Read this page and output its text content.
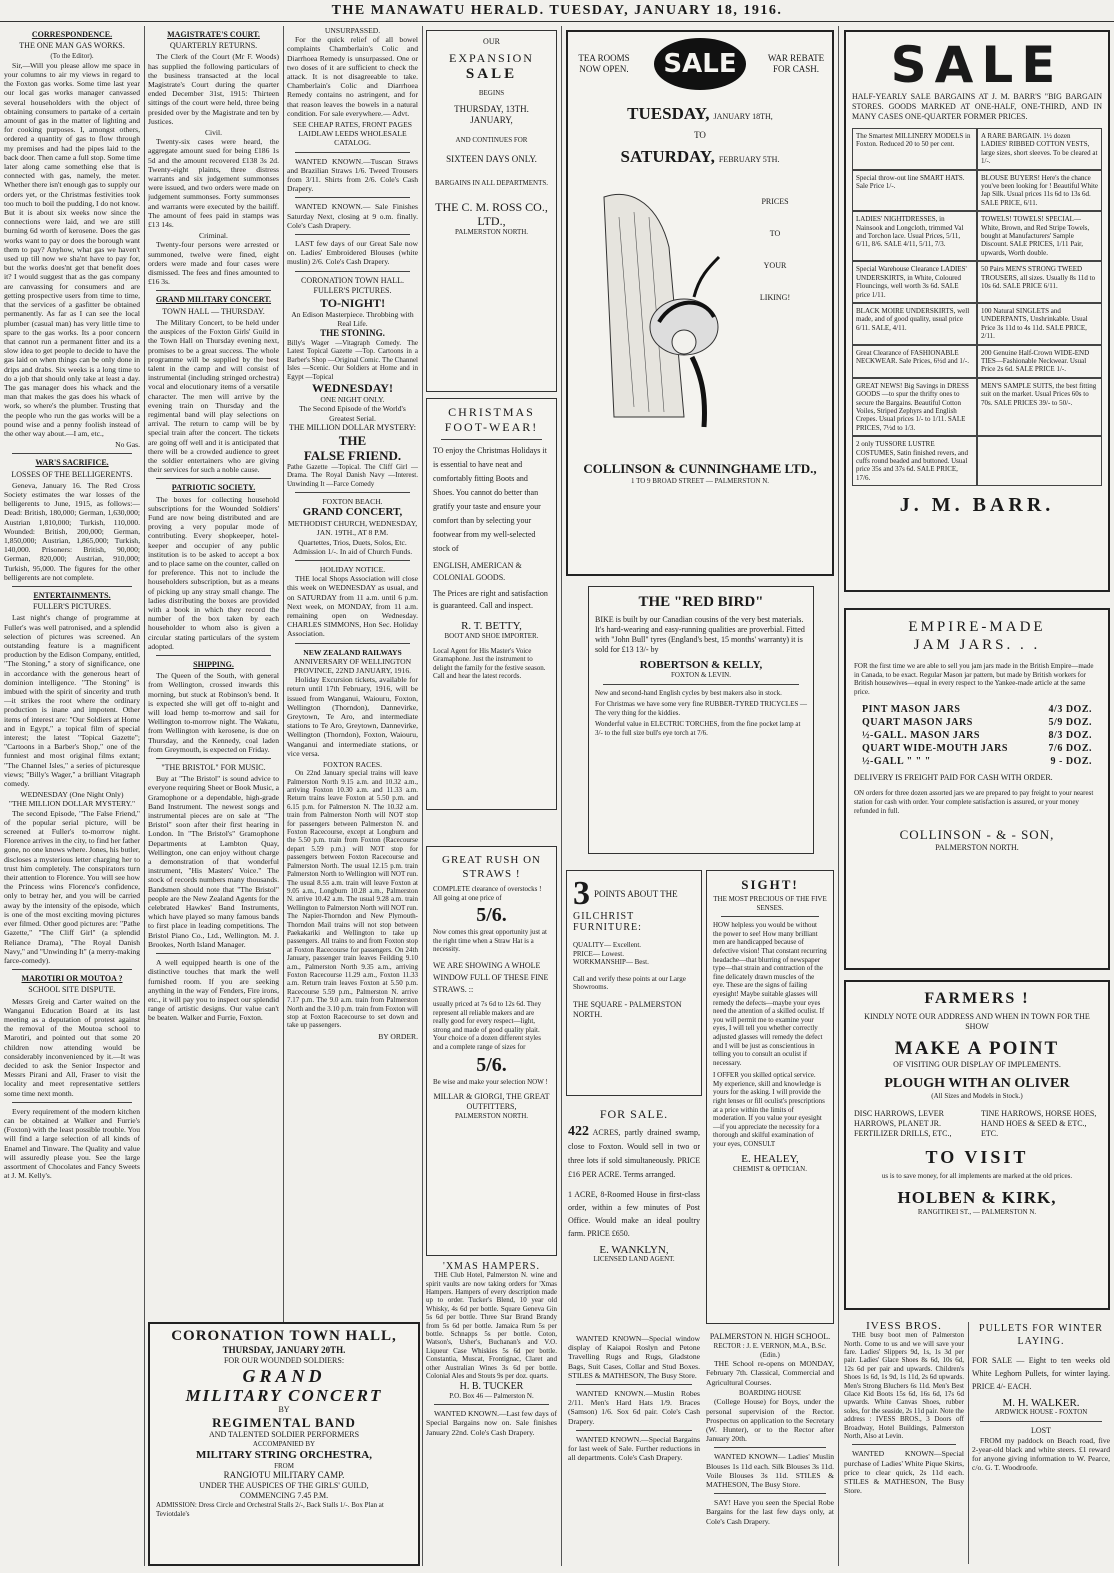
THE MANAWATU HERALD. TUESDAY, JANUARY 18, 1916.
CORRESPONDENCE.
THE ONE MAN GAS WORKS.
(To the Editor).
Sir,—Will you please allow me space in your columns to air my views in regard to the Foxton gas works. Some time last year our local gas works manager canvassed several householders with the object of obtaining consumers to partake of a certain amount of gas in the matter of lighting and for cooking purposes. I, amongst others, ordered a quantity of gas to flow through my premises and had the pipes laid to the back door. Then came a full stop. Some time later along came something else that is connected with gas, namely, the meter. Whether there isn't enough gas to supply our orders yet, or the Christmas festivities took too much to boil the pudding, I do not know. But it is about six weeks now since the connections were laid, and we are still burning 6d worth of kerosene. Does the gas works want to pay or does the borough want them to pay? Anyhow, what gas we haven't used up till now we sha'nt have to pay for, but the works does'nt get that benefit does it? I would suggest that as the gas company are canvassing for consumers and are getting prospective users from time to time, that the services of a gasfitter be obtained permanently. As far as I can see the local plumber (casual man) has very little time to spare to the gas works. Its a poor concern that cannot run a permanent fitter and its a slow idea to get people to decide to have the gas laid on when things can be only done in drips and drabs. Six weeks is a long time to do a job that should only take at least a day. The gas manager does his whack and the man that makes the gas does his whack of work, so where's the plumber. Trusting that the people who run the gas works will be a pound wise and a penny foolish instead of the other way about.—I am, etc.,
No Gas.
WAR'S SACRIFICE.
LOSSES OF THE BELLIGERENTS.
Geneva, January 16. The Red Cross Society estimates the war losses of the belligerents to June, 1915, as follows:— Dead: British, 180,000; German, 1,630,000; Austrian 1,810,000; Turkish, 110,000. Wounded: British, 200,000; German, 1,850,000; Austrian, 1,865,000; Turkish, 140,000. Prisoners: British, 90,000; German, 820,000; Austrian, 910,000; Turkish, 95,000. The figures for the other belligerents are not complete.
ENTERTAINMENTS.
FULLER'S PICTURES.
Last night's change of programme at Fuller's was well patronised, and a splendid selection of pictures was screened. An outstanding feature is a magnificent production by the Edison Company, entitled, "The Stoning," a story of significance, one in accordance with the generous heart of dominion intelligence. "The Stoning" is imbued with the spirit of sincerity and truth—it strikes the root where the ordinary production is inane and impotent. Other items of interest are: "Our Soldiers at Home and in Egypt," a topical film of special interest; the latest "Topical Gazette"; "Cartoons in a Barber's Shop," one of the funniest and most original films extant; "The Channel Isles," a series of picturesque views; "Billy's Wager," a brilliant Vitagraph comedy.
WEDNESDAY (One Night Only)
"THE MILLION DOLLAR MYSTERY."
The second Episode, "The False Friend," of the popular serial picture, will be screened at Fuller's to-morrow night. Florence arrives in the city, to find her father gone, no one knows where. Jones, his butler, discloses a mysterious letter charging her to trust him completely. The conspirators turn their attention to Florence. You will see how the Princess wins Florence's confidence, only to betray her, and you will be carried away by the intensity of the episode, which is one of the most exciting moving pictures ever filmed. Other good pictures are: "Pathe Gazette," "The Cliff Girl" (a splendid Reliance Drama), "The Royal Danish Navy," and "Unwinding It" (a merry-making farce-comedy).
MAROTIRI OR MOUTOA ?
SCHOOL SITE DISPUTE.
Messrs Greig and Carter waited on the Wanganui Education Board at its last meeting as a deputation of protest against the removal of the Moutoa school to Marotiri, and pointed out that some 20 children now attending would be considerably inconvenienced by it.—It was decided to ask the Senior Inspector and Messrs Pirani and All, Fraser to visit the locality and meet representative settlers some time next month.
Every requirement of the modern kitchen can be obtained at Walker and Furrie's (Foxton) with the least possible trouble. You will find a large selection of all kinds of Enamel and Tinware. The Quality and value will assuredly please you. See the large assortment of Chocolates and Fancy Sweets at J. M. Kelly's.
MAGISTRATE'S COURT.
QUARTERLY RETURNS.
The Clerk of the Court (Mr F. Woods) has supplied the following particulars of the business transacted at the local Magistrate's Court during the quarter ended December 31st, 1915: Thirteen sittings of the court were held, three being presided over by the Magistrate and ten by Justices.
Civil.
Twenty-six cases were heard, the aggregate amount sued for being £186 1s 5d and the amount recovered £138 3s 2d. Twenty-eight plaints, three distress warrants and six judgement summonses were issued, and two orders were made on judgement summonses. Forty summonses and warrants were executed by the bailiff. The amount of fees paid in stamps was £13 14s.
Criminal.
Twenty-four persons were arrested or summoned, twelve were fined, eight orders were made and four cases were dismissed. The fees and fines amounted to £16 3s.
GRAND MILITARY CONCERT.
TOWN HALL — THURSDAY.
The Military Concert, to be held under the auspices of the Foxton Girls' Guild in the Town Hall on Thursday evening next, promises to be a great success. The whole programme will be supplied by the best talent in the camp and will consist of instrumental (including stringed orchestra) vocal and elocutionary items of a versatile character. The men will arrive by the evening train on Thursday and the regimental band will play selections on arrival. The return to camp will be by special train after the concert. The tickets are going off well and it is anticipated that there will be a crowded audience to greet the soldier entertainers who are giving their services for such a noble cause.
PATRIOTIC SOCIETY.
The boxes for collecting household subscriptions for the Wounded Soldiers' Fund are now being distributed and are proving a very popular mode of contributing. Every shopkeeper, hotel-keeper and occupier of any public institution is to be asked to accept a box and to place same on the counter, called on for preference. This not to include the householders subscription, but as a means of picking up any stray small change. The ladies distributing the boxes are provided with a book in which they record the number of the box taken by each householder to whom also is given a circular stating particulars of the system adopted.
SHIPPING.
The Queen of the South, with general from Wellington, crossed inwards this morning, but stuck at Robinson's bend. It is expected she will get off to-night and will load hemp to-morrow and sail for Wellington to-morrow night. The Wakatu, from Wellington with kerosene, is due on Thursday, and the Kennedy, coal laden from Greymouth, is expected on Friday.
"THE BRISTOL" FOR MUSIC.
Buy at "The Bristol" is sound advice to everyone requiring Sheet or Book Music, a Gramophone or a dependable, high-grade Band Instrument. The newest songs and instrumental pieces are on sale at "The Bristol" soon after their first hearing in London. In "The Bristol's" Gramophone Departments at Lambton Quay, Wellington, one can enjoy without charge a demonstration of that wonderful instrument, "His Masters' Voice." The stock of records numbers many thousands. Bandsmen should note that "The Bristol" people are the New Zealand Agents for the celebrated Hawkes' Band Instruments, which have played so many famous bands to first place in leading competitions. The Bristol Piano Co., Ltd., Wellington. M. J. Brookes, North Island Manager.
A well equipped hearth is one of the distinctive touches that mark the well furnished room. If you are seeking anything in the way of Fenders, Fire irons, etc., it will pay you to inspect our splendid range of artistic designs. Our value can't be beaten. Walker and Furrie, Foxton.
UNSURPASSED.
For the quick relief of all bowel complaints Chamberlain's Colic and Diarrhoea Remedy is unsurpassed. One or two doses of it are sufficient to check the attack. It is not disagreeable to take. Chamberlain's Colic and Diarrhoea Remedy contains no astringent, and for that reason leaves the bowels in a natural condition. For sale everywhere.— Advt.
SEE CHEAP RATES, FRONT PAGES LAIDLAW LEEDS WHOLESALE CATALOG.
WANTED KNOWN.—Tuscan Straws and Brazilian Straws 1/6. Tweed Trousers from 3/11. Shirts from 2/6. Cole's Cash Drapery.
WANTED KNOWN.— Sale Finishes Saturday Next, closing at 9 o.m. finally. Cole's Cash Drapery.
LAST few days of our Great Sale now on. Ladies' Embroidered Blouses (white muslin) 2/6. Cole's Cash Drapery.
CORONATION TOWN HALL.
FULLER'S PICTURES.
TO-NIGHT!
An Edison Masterpiece. Throbbing with Real Life.
THE STONING.
Billy's Wager —Vitagraph Comedy. The Latest Topical Gazette —Top. Cartoons in a Barber's Shop —Original Comic. The Channel Isles —Scenic. Our Soldiers at Home and in Egypt —Topical
WEDNESDAY!
ONE NIGHT ONLY.
The Second Episode of the World's Greatest Serial.
THE MILLION DOLLAR MYSTERY:
THE
FALSE FRIEND.
Pathe Gazette —Topical. The Cliff Girl —Drama. The Royal Danish Navy —Interest. Unwinding It —Farce Comedy
FOXTON BEACH.
GRAND CONCERT,
METHODIST CHURCH, WEDNESDAY, JAN. 19TH., AT 8 P.M.
Quartettes, Trios, Duets, Solos, Etc. Admission 1/-. In aid of Church Funds.
HOLIDAY NOTICE.
THE local Shops Association will close this week on WEDNESDAY as usual, and on SATURDAY from 11 a.m. until 6 p.m. Next week, on MONDAY, from 11 a.m. remaining open on Wednesday. CHARLES SIMMONS, Hon Sec. Holiday Association.
NEW ZEALAND RAILWAYS
ANNIVERSARY OF WELLINGTON PROVINCE, 22ND JANUARY, 1916.
Holiday Excursion tickets, available for return until 17th February, 1916, will be issued from Wanganui, Waiouru, Foxton, Wellington (Thorndon), Dannevirke, Greytown, Te Aro, and intermediate stations to Te Aro, Greytown, Dannevirke, Wellington (Thorndon), Foxton, Waiouru, Wanganui and intermediate stations, or vice versa.
FOXTON RACES.
On 22nd January special trains will leave Palmerston North 9.15 a.m. and 10.32 a.m., arriving Foxton 10.30 a.m. and 11.33 a.m. Return trains leave Foxton at 5.50 p.m. and 6.15 p.m. for Palmerston N. The 10.32 a.m. train from Palmerston North will NOT stop for passengers between Palmerston N. and Foxton Racecourse, except at Longburn and the 5.50 p.m. train from Foxton (Racecourse depart 5.59 p.m.) will NOT stop for passengers between Foxton Racecourse and Palmerston North. The usual 12.15 p.m. train Palmerston North to Wellington will NOT run. The usual 8.55 a.m. train will leave Foxton at 9.05 a.m., Longburn 10.28 a.m., Palmerston N. arrive 10.42 a.m. The usual 9.28 a.m. train Wellington to Palmerston North will NOT run. The Napier-Thorndon and New Plymouth-Thorndon Mail trains will not stop between Paekakariki and Wellington to take up passengers. All trains to and from Foxton stop at Foxton Racecourse for passengers. On 24th January, passenger train leaves Feilding 9.10 a.m., Palmerston North 9.35 a.m., arriving Foxton Racecourse 11.29 a.m., Foxton 11.33 a.m. Return train leaves Foxton at 5.50 p.m. Racecourse 5.59 p.m., Palmerston N. arrive 7.17 p.m. The 9.0 a.m. train from Palmerston North and the 3.10 p.m. train from Foxton will stop at Foxton Racecourse to set down and take up passengers.
BY ORDER.
CORONATION TOWN HALL,
THURSDAY, JANUARY 20TH.
FOR OUR WOUNDED SOLDIERS:
GRAND
MILITARY CONCERT
BY
REGIMENTAL BAND
AND TALENTED SOLDIER PERFORMERS
ACCOMPANIED BY
MILITARY STRING ORCHESTRA,
FROM
RANGIOTU MILITARY CAMP.
UNDER THE AUSPICES OF THE GIRLS' GUILD,
COMMENCING 7.45 P.M.
ADMISSION: Dress Circle and Orchestral Stalls 2/-, Back Stalls 1/-. Box Plan at Teviotdale's
OUR
EXPANSION
SALE
BEGINS
THURSDAY, 13TH. JANUARY,
AND CONTINUES FOR
SIXTEEN DAYS ONLY.
BARGAINS IN ALL DEPARTMENTS.
THE C. M. ROSS CO., LTD.,
PALMERSTON NORTH.
CHRISTMAS FOOT-WEAR!
TO enjoy the Christmas Holidays it is essential to have neat and comfortably fitting Boots and Shoes. You cannot do better than gratify your taste and ensure your comfort than by selecting your footwear from my well-selected stock of
ENGLISH, AMERICAN & COLONIAL GOODS.
The Prices are right and satisfaction is guaranteed. Call and inspect.
R. T. BETTY,
BOOT AND SHOE IMPORTER.
Local Agent for His Master's Voice Gramaphone. Just the instrument to delight the family for the festive season. Call and hear the latest records.
GREAT RUSH ON STRAWS !
COMPLETE clearance of overstocks ! All going at one price of
5/6.
Now comes this great opportunity just at the right time when a Straw Hat is a necessity.
WE ARE SHOWING A WHOLE WINDOW FULL OF THESE FINE STRAWS. ::
usually priced at 7s 6d to 12s 6d. They represent all reliable makers and are really good for every respect—light, strong and made of good quality plait. Your choice of a dozen different styles and a complete range of sizes for
5/6.
Be wise and make your selection NOW !
MILLAR & GIORGI, THE GREAT OUTFITTERS,
PALMERSTON NORTH.
'XMAS HAMPERS.
THE Club Hotel, Palmerston N. wine and spirit vaults are now taking orders for 'Xmas Hampers. Hampers of every description made up to order. Tucker's Blend, 10 year old Whisky, 4s 6d per bottle. Square Geneva Gin 5s 6d per bottle. Three Star Brand Brandy from 5s 6d per bottle. Jamaica Rum 5s per bottle. Schnapps 5s per bottle. Coton, Watson's, Usher's, Buchanan's and V.O. Liqueur Case Whiskies 5s 6d per bottle. Constantia, Muscat, Frontignac, Claret and other Australian Wines 3s 6d per bottle. Colonial Ales and Stouts 9s per doz. quarts.
H. B. TUCKER
P.O. Box 46 — Palmerston N.
WANTED KNOWN.—Last few days of Special Bargains now on. Sale finishes January 22nd. Cole's Cash Drapery.
TEA ROOMS NOW OPEN.	SALE	WAR REBATE FOR CASH.
TUESDAY, JANUARY 18TH,
TO
SATURDAY, FEBRUARY 5TH.
PRICES
TO
YOUR
LIKING!
COLLINSON & CUNNINGHAME LTD.,
1 TO 9 BROAD STREET — PALMERSTON N.
THE "RED BIRD"
BIKE is built by our Canadian cousins of the very best materials. It's hard-wearing and easy-running qualities are proverbial. Fitted with "John Bull" tyres (England's best, 15 months' warranty) it is sold for £13 13/- by
ROBERTSON & KELLY,
FOXTON & LEVIN.
New and second-hand English cycles by best makers also in stock.
For Christmas we have some very fine RUBBER-TYRED TRICYCLES — The very thing for the kiddies.
Wonderful value in ELECTRIC TORCHES, from the fine pocket lamp at 3/- to the full size bull's eye torch at 7/6.
3 POINTS ABOUT THE
GILCHRIST FURNITURE:
QUALITY— Excellent.
PRICE— Lowest.
WORKMANSHIP— Best.
Call and verify these points at our Large Showrooms.
THE SQUARE - PALMERSTON NORTH.
FOR SALE.
422 ACRES, partly drained swamp, close to Foxton. Would sell in two or three lots if sold simultaneously. PRICE £16 PER ACRE. Terms arranged.
1 ACRE, 8-Roomed House in first-class order, within a few minutes of Post Office. Would make an ideal poultry farm. PRICE £650.
E. WANKLYN,
LICENSED LAND AGENT.
WANTED KNOWN—Special window display of Kaiapoi Roslyn and Petone Travelling Rugs and Rugs, Gladstone Bags, Suit Cases, Collar and Stud Boxes. STILES & MATHESON, The Busy Store.
WANTED KNOWN.—Muslin Robes 2/11. Men's Hard Hats 1/9. Braces (Samson) 1/6. Sox 6d pair. Cole's Cash Drapery.
WANTED KNOWN.—Special Bargains for last week of Sale. Further reductions in all departments. Cole's Cash Drapery.
SIGHT!
THE MOST PRECIOUS OF THE FIVE SENSES.
HOW helpless you would be without the power to see! How many brilliant men are handicapped because of defective vision! That constant recurring headache—that blurring of newspaper type—that strain and contraction of the fine delicately drawn muscles of the eye. These are the signs of failing eyesight! Maybe suitable glasses will remedy the defects—maybe your eyes need the attention of a skilled oculist. If you will permit me to examine your eyes, I will tell you whether correctly adjusted glasses will remedy the defect and I will be just as conscientious in telling you to consult an oculist if necessary.
I OFFER you skilled optical service. My experience, skill and knowledge is yours for the asking. I will provide the right lenses or fill oculist's prescriptions at a price within the limits of moderation. If you value your eyesight—if you appreciate the necessity for a thorough and skilful examination of your eyes, CONSULT
E. HEALEY,
CHEMIST & OPTICIAN.
PALMERSTON N. HIGH SCHOOL.
RECTOR : J. E. VERNON, M.A., B.Sc. (Edin.)
THE School re-opens on MONDAY, February 7th. Classical, Commercial and Agricultural Courses.
BOARDING HOUSE
(College House) for Boys, under the personal supervision of the Rector. Prospectus on application to the Secretary (W. Hunter), or to the Rector after January 20th.
WANTED KNOWN— Ladies' Muslin Blouses 1s 11d each. Silk Blouses 3s 11d. Voile Blouses 3s 11d. STILES & MATHESON, The Busy Store.
SAY! Have you seen the Special Robe Bargains for the last few days only, at Cole's Cash Drapery.
SALE
HALF-YEARLY SALE BARGAINS AT J. M. BARR'S "BIG BARGAIN STORES. GOODS MARKED AT ONE-HALF, ONE-THIRD, AND IN MANY CASES ONE-QUARTER FORMER PRICES.
The Smartest MILLINERY MODELS in Foxton. Reduced 20 to 50 per cent.
A RARE BARGAIN. 1½ dozen LADIES' RIBBED COTTON VESTS, large sizes, short sleeves. To be cleared at 1/-.
Special throw-out line SMART HATS. Sale Price 1/-.
BLOUSE BUYERS! Here's the chance you've been looking for ! Beautiful White Jap Silk. Usual prices 11s 6d to 13s 6d. SALE PRICE, 6/11.
LADIES' NIGHTDRESSES, in Nainsook and Longcloth, trimmed Val and Torchon lace. Usual Prices, 5/11, 6/11, 8/6. SALE 4/11, 5/11, 7/3.
TOWELS! TOWELS! SPECIAL— White, Brown, and Red Stripe Towels, bought at Manufacturers' Sample Discount. SALE PRICES, 1/11 Pair, upwards, Worth double.
Special Warehouse Clearance LADIES' UNDERSKIRTS, in White, Coloured Flouncings, well worth 3s 6d. SALE price 1/11.
50 Pairs MEN'S STRONG TWEED TROUSERS, all sizes. Usually 8s 11d to 10s 6d. SALE PRICE 6/11.
BLACK MOIRE UNDERSKIRTS, well made, and of good quality, usual price 6/11. SALE, 4/11.
100 Natural SINGLETS and UNDERPANTS, Unshrinkable. Usual Price 3s 11d to 4s 11d. SALE PRICE, 2/11.
Great Clearance of FASHIONABLE NECKWEAR. Sale Prices, 6½d and 1/-.
200 Genuine Half-Crown WIDE-END TIES—Fashionable Neckwear. Usual Price 2s 6d. SALE PRICE 1/-.
GREAT NEWS! Big Savings in DRESS GOODS —to spur the thrifty ones to secure the Bargains. Beautiful Cotton Voiles, Striped Zephyrs and English Crepes. Usual prices 1/- to 1/11. SALE PRICES, 7½d to 1/3.
MEN'S SAMPLE SUITS, the best fitting suit on the market. Usual Prices 60s to 70s. SALE PRICES 39/- to 50/-.
2 only TUSSORE LUSTRE COSTUMES, Satin finished revers, and cuffs round beaded and buttoned. Usual price 35s and 37s 6d. SALE PRICE, 17/6.
J. M. BARR.
EMPIRE-MADE
JAM JARS. . .
FOR the first time we are able to sell you jam jars made in the British Empire—made in Canada, to be exact. Regular Mason jar pattern, but made by British workers for British housewives—equal in every respect to the Yankee-made article at the same price.
PINT MASON JARS	4/3 DOZ.
QUART MASON JARS	5/9 DOZ.
½-GALL. MASON JARS	8/3 DOZ.
QUART WIDE-MOUTH JARS	7/6 DOZ.
½-GALL " " "	9 - DOZ.
DELIVERY IS FREIGHT PAID FOR CASH WITH ORDER.
ON orders for three dozen assorted jars we are prepared to pay freight to your nearest station for cash with order. Your complete satisfaction is assured, or your money refunded in full.
COLLINSON - & - SON,
PALMERSTON NORTH.
FARMERS !
KINDLY NOTE OUR ADDRESS AND WHEN IN TOWN FOR THE SHOW
MAKE A POINT
OF VISITING OUR DISPLAY OF IMPLEMENTS.
PLOUGH WITH AN OLIVER
(All Sizes and Models in Stock.)
DISC HARROWS, LEVER HARROWS, PLANET JR. FERTILIZER DRILLS, ETC.,
TINE HARROWS, HORSE HOES, HAND HOES & SEED & ETC., ETC.
TO VISIT
us is to save money, for all implements are marked at the old prices.
HOLBEN & KIRK,
RANGITIKEI ST., — PALMERSTON N.
IVESS BROS.
THE busy boot men of Palmerston North. Come to us and we will save your fare. Ladies' Slippers 9d, 1s, 1s 3d per pair. Ladies' Glace Shoes 8s 6d, 10s 6d, 12s 6d per pair and upwards. Children's Shoes 1s 6d, 1s 9d, 1s 11d, 2s 6d upwards. Men's Strong Bluchers 6s 11d. Men's Best Glace Kid Boots 15s 6d, 16s 6d, 17s 6d upwards. White Canvas Shoes, rubber soles, for the seaside, 2s 11d pair. Note the address : IVESS BROS., 3 Doors off Broadway, Hotel Buildings, Palmerston North, Also at Levin.
WANTED KNOWN—Special purchase of Ladies' White Pique Skirts, price to clear quick, 2s 11d each. STILES & MATHESON, The Busy Store.
PULLETS FOR WINTER LAYING.
FOR SALE — Eight to ten weeks old White Leghorn Pullets, for winter laying. PRICE 4/- EACH.
M. H. WALKER.
ARDWICK HOUSE - FOXTON
LOST
FROM my paddock on Beach road, five 2-year-old black and white steers. £1 reward for anyone giving information to W. Pearce, c/o. G. T. Woodroofe.
